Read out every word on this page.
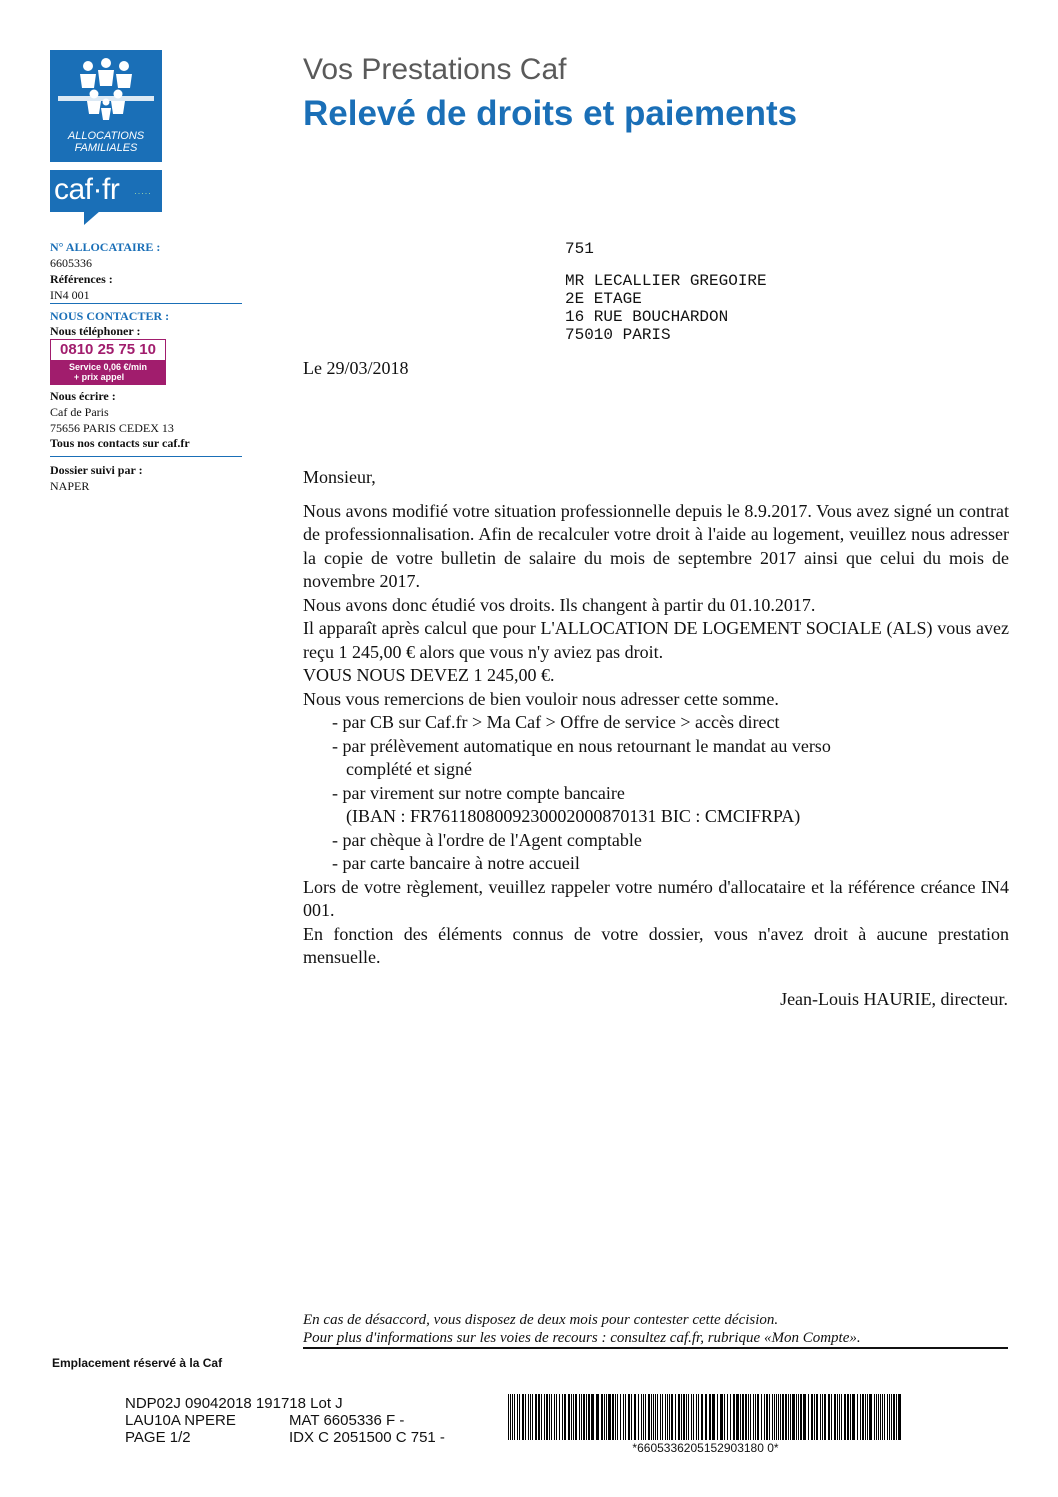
ALLOCATIONS
FAMILIALES
caf·fr ·····
Vos Prestations Caf
Relevé de droits et paiements
N° ALLOCATAIRE :
6605336
Références :
IN4 001
NOUS CONTACTER :
Nous téléphoner :
0810 25 75 10
Service 0,06 €/min
+ prix appel
Nous écrire :
Caf de Paris
75656 PARIS CEDEX 13
Tous nos contacts sur caf.fr
Dossier suivi par :
NAPER
751
MR LECALLIER GREGOIRE
2E ETAGE
16 RUE BOUCHARDON
75010 PARIS
Le 29/03/2018

Monsieur,

Nous avons modifié votre situation professionnelle depuis le 8.9.2017. Vous avez signé un contrat de professionnalisation. Afin de recalculer votre droit à l'aide au logement, veuillez nous adresser la copie de votre bulletin de salaire du mois de septembre 2017 ainsi que celui du mois de novembre 2017.

Nous avons donc étudié vos droits. Ils changent à partir du 01.10.2017.

Il apparaît après calcul que pour L'ALLOCATION DE LOGEMENT SOCIALE (ALS) vous avez reçu 1 245,00 € alors que vous n'y aviez pas droit.

VOUS NOUS DEVEZ 1 245,00 €.

Nous vous remercions de bien vouloir nous adresser cette somme.

- par CB sur Caf.fr > Ma Caf > Offre de service > accès direct

- par prélèvement automatique en nous retournant le mandat au verso

complété et signé

- par virement sur notre compte bancaire

(IBAN : FR7611808009230002000870131 BIC : CMCIFRPA)

- par chèque à l'ordre de l'Agent comptable

- par carte bancaire à notre accueil

Lors de votre règlement, veuillez rappeler votre numéro d'allocataire et la référence créance IN4 001.

En fonction des éléments connus de votre dossier, vous n'avez droit à aucune prestation mensuelle.

Jean-Louis HAURIE, directeur.
En cas de désaccord, vous disposez de deux mois pour contester cette décision.
Pour plus d'informations sur les voies de recours : consultez caf.fr, rubrique «Mon Compte».
Emplacement réservé à la Caf
NDP02J 09042018 191718 Lot J
LAU10A NPERE	MAT 6605336 F -
PAGE 1/2	IDX C 2051500 C 751 -
*6605336205152903180 0*
